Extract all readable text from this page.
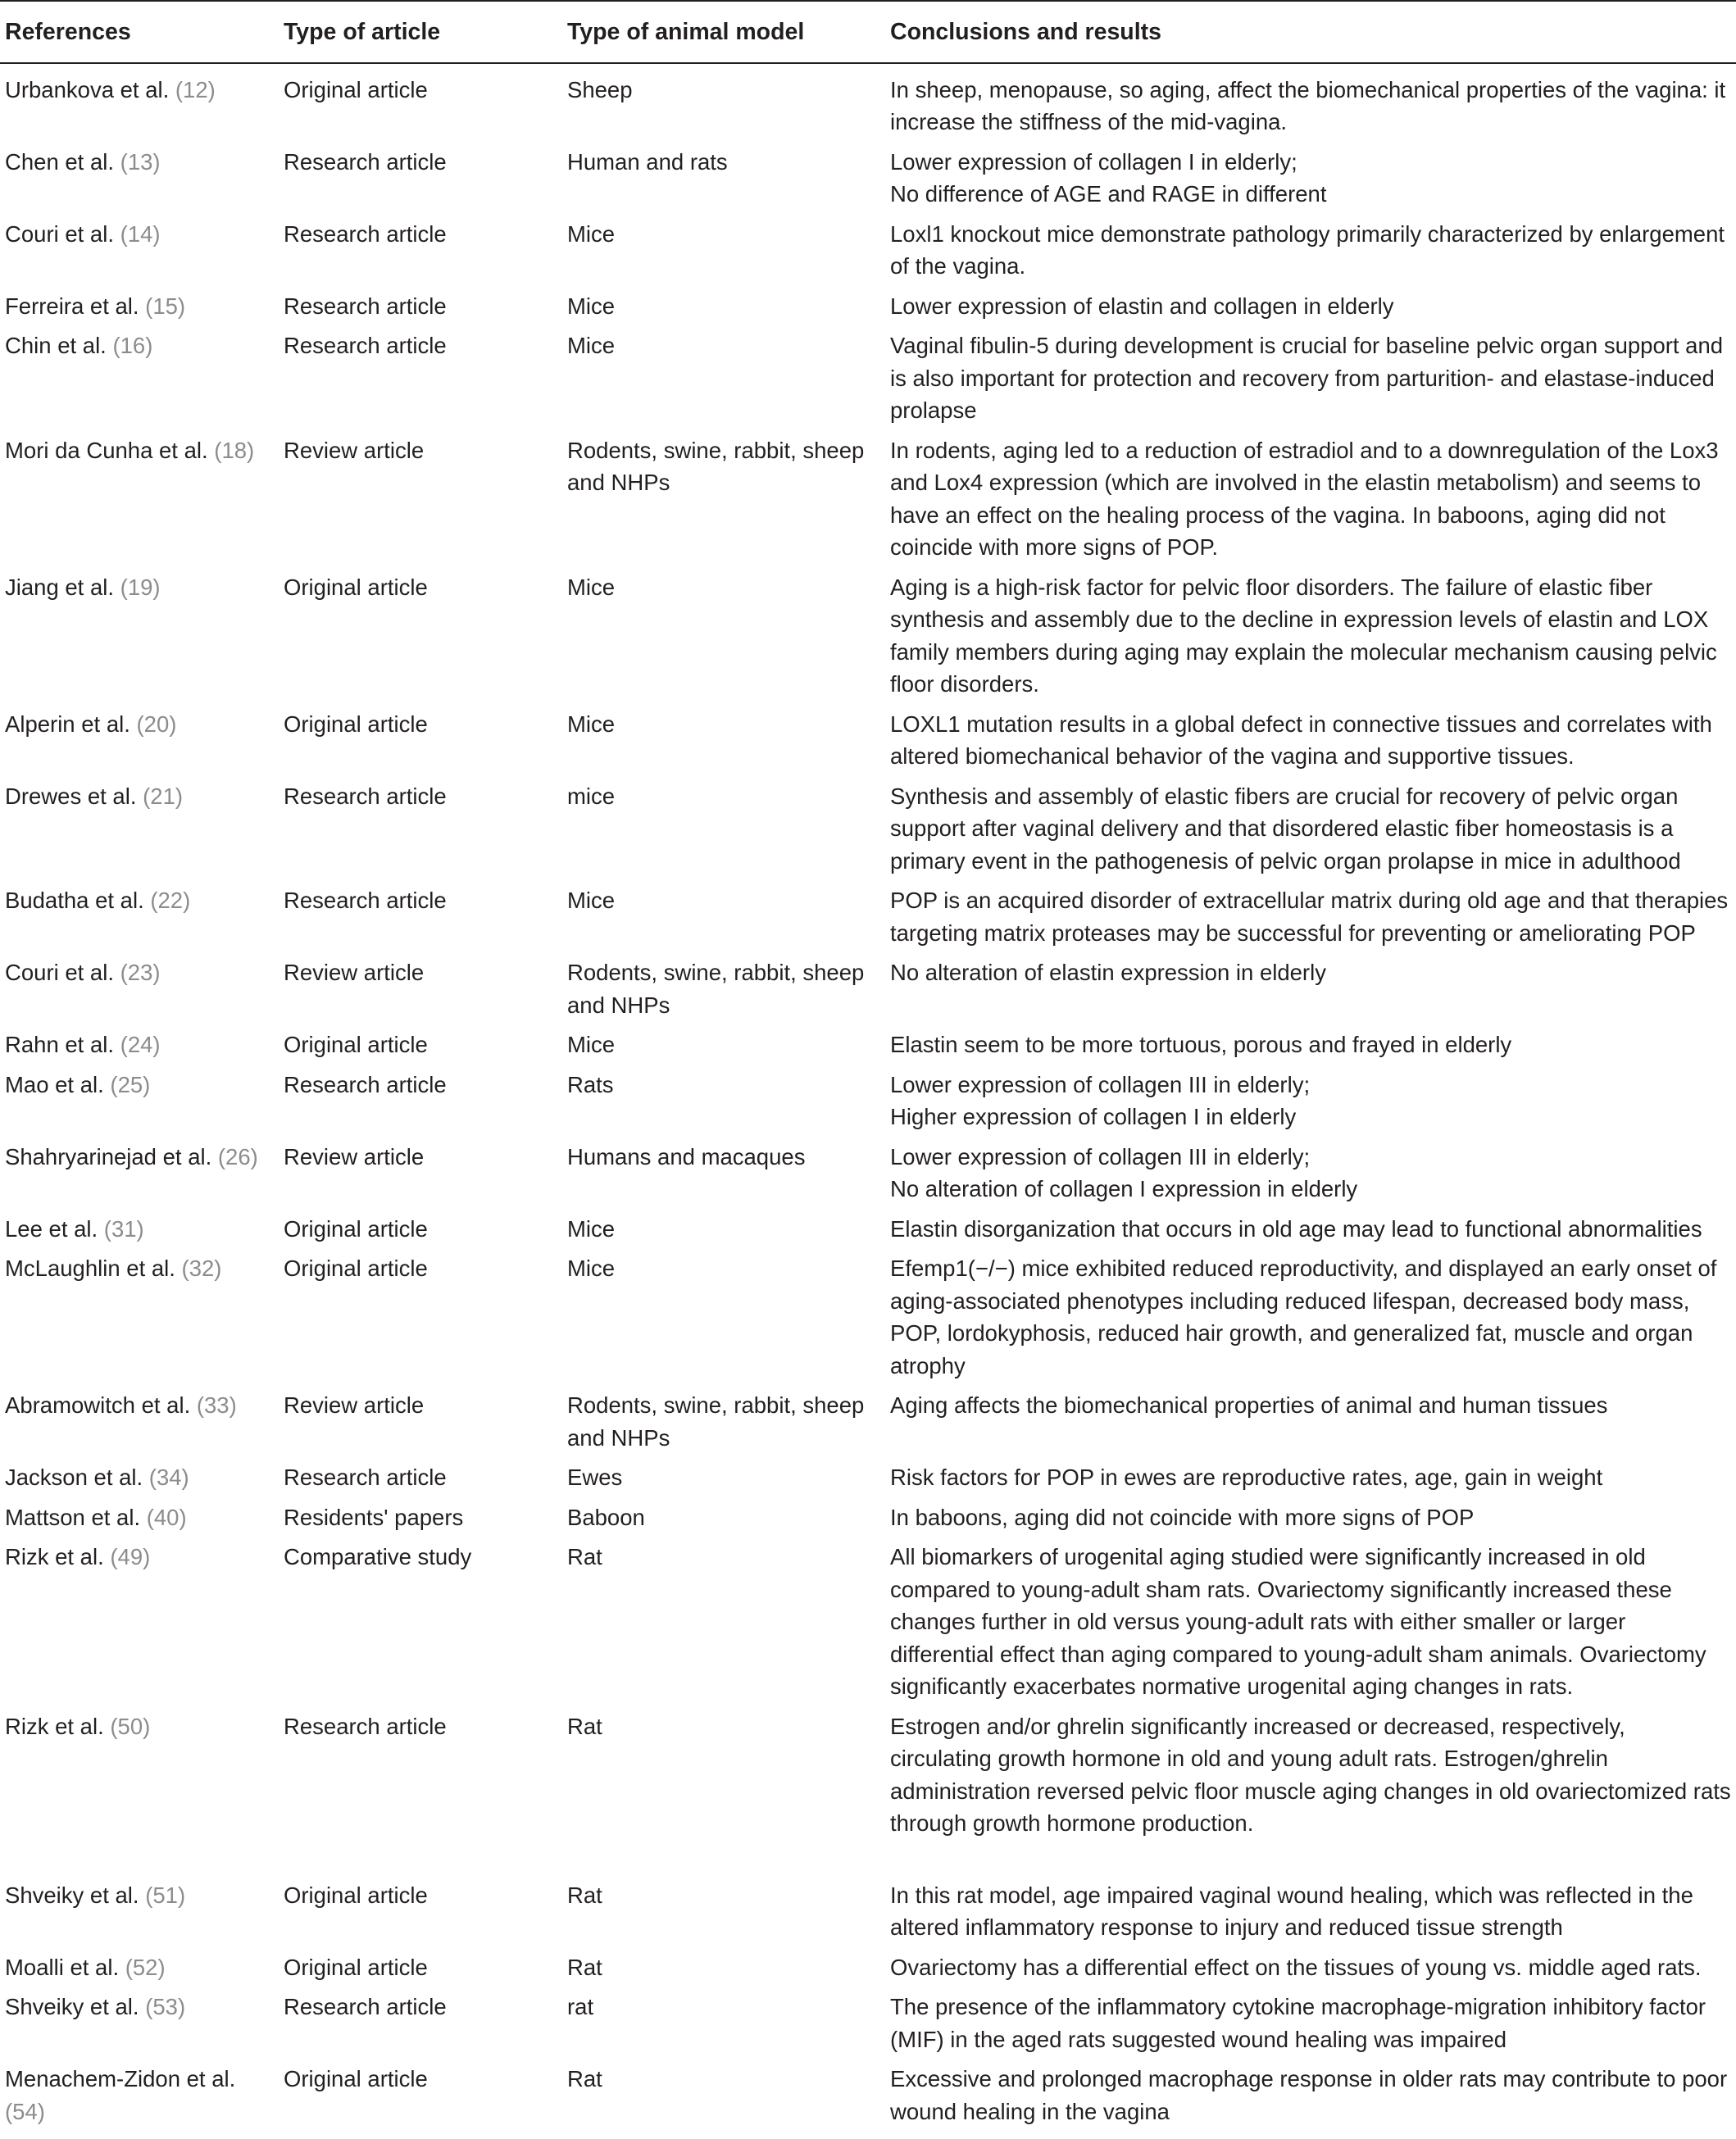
References	Type of article	Type of animal model	Conclusions and results
Urbankova et al. (12)	Original article	Sheep	In sheep, menopause, so aging, affect the biomechanical properties of the vagina: it increase the stiffness of the mid-vagina.
Chen et al. (13)	Research article	Human and rats	Lower expression of collagen I in elderly;
No difference of AGE and RAGE in different

Couri et al. (14)	Research article	Mice	Loxl1 knockout mice demonstrate pathology primarily characterized by enlargement of the vagina.
Ferreira et al. (15)	Research article	Mice	Lower expression of elastin and collagen in elderly
Chin et al. (16)	Research article	Mice	Vaginal fibulin-5 during development is crucial for baseline pelvic organ support and is also important for protection and recovery from parturition- and elastase-induced prolapse
Mori da Cunha et al. (18)	Review article	Rodents, swine, rabbit, sheep and NHPs	In rodents, aging led to a reduction of estradiol and to a downregulation of the Lox3 and Lox4 expression (which are involved in the elastin metabolism) and seems to have an effect on the healing process of the vagina. In baboons, aging did not coincide with more signs of POP.
Jiang et al. (19)	Original article	Mice	Aging is a high-risk factor for pelvic floor disorders. The failure of elastic fiber synthesis and assembly due to the decline in expression levels of elastin and LOX family members during aging may explain the molecular mechanism causing pelvic floor disorders.
Alperin et al. (20)	Original article	Mice	LOXL1 mutation results in a global defect in connective tissues and correlates with altered biomechanical behavior of the vagina and supportive tissues.
Drewes et al. (21)	Research article	mice	Synthesis and assembly of elastic fibers are crucial for recovery of pelvic organ support after vaginal delivery and that disordered elastic fiber homeostasis is a primary event in the pathogenesis of pelvic organ prolapse in mice in adulthood
Budatha et al. (22)	Research article	Mice	POP is an acquired disorder of extracellular matrix during old age and that therapies targeting matrix proteases may be successful for preventing or ameliorating POP
Couri et al. (23)	Review article	Rodents, swine, rabbit, sheep and NHPs	No alteration of elastin expression in elderly
Rahn et al. (24)	Original article	Mice	Elastin seem to be more tortuous, porous and frayed in elderly
Mao et al. (25)	Research article	Rats	Lower expression of collagen III in elderly;
Higher expression of collagen I in elderly

Shahryarinejad et al. (26)	Review article	Humans and macaques	Lower expression of collagen III in elderly;
No alteration of collagen I expression in elderly

Lee et al. (31)	Original article	Mice	Elastin disorganization that occurs in old age may lead to functional abnormalities
McLaughlin et al. (32)	Original article	Mice	Efemp1(−/−) mice exhibited reduced reproductivity, and displayed an early onset of aging-associated phenotypes including reduced lifespan, decreased body mass, POP, lordokyphosis, reduced hair growth, and generalized fat, muscle and organ atrophy
Abramowitch et al. (33)	Review article	Rodents, swine, rabbit, sheep and NHPs	Aging affects the biomechanical properties of animal and human tissues
Jackson et al. (34)	Research article	Ewes	Risk factors for POP in ewes are reproductive rates, age, gain in weight
Mattson et al. (40)	Residents' papers	Baboon	In baboons, aging did not coincide with more signs of POP
Rizk et al. (49)	Comparative study	Rat	All biomarkers of urogenital aging studied were significantly increased in old compared to young-adult sham rats. Ovariectomy significantly increased these changes further in old versus young-adult rats with either smaller or larger differential effect than aging compared to young-adult sham animals. Ovariectomy significantly exacerbates normative urogenital aging changes in rats.
Rizk et al. (50)	Research article	Rat	Estrogen and/or ghrelin significantly increased or decreased, respectively, circulating growth hormone in old and young adult rats. Estrogen/ghrelin administration reversed pelvic floor muscle aging changes in old ovariectomized rats through growth hormone production.
Shveiky et al. (51)	Original article	Rat	In this rat model, age impaired vaginal wound healing, which was reflected in the altered inflammatory response to injury and reduced tissue strength
Moalli et al. (52)	Original article	Rat	Ovariectomy has a differential effect on the tissues of young vs. middle aged rats.
Shveiky et al. (53)	Research article	rat	The presence of the inflammatory cytokine macrophage-migration inhibitory factor (MIF) in the aged rats suggested wound healing was impaired
Menachem-Zidon et al. (54)	Original article	Rat	Excessive and prolonged macrophage response in older rats may contribute to poor wound healing in the vagina
